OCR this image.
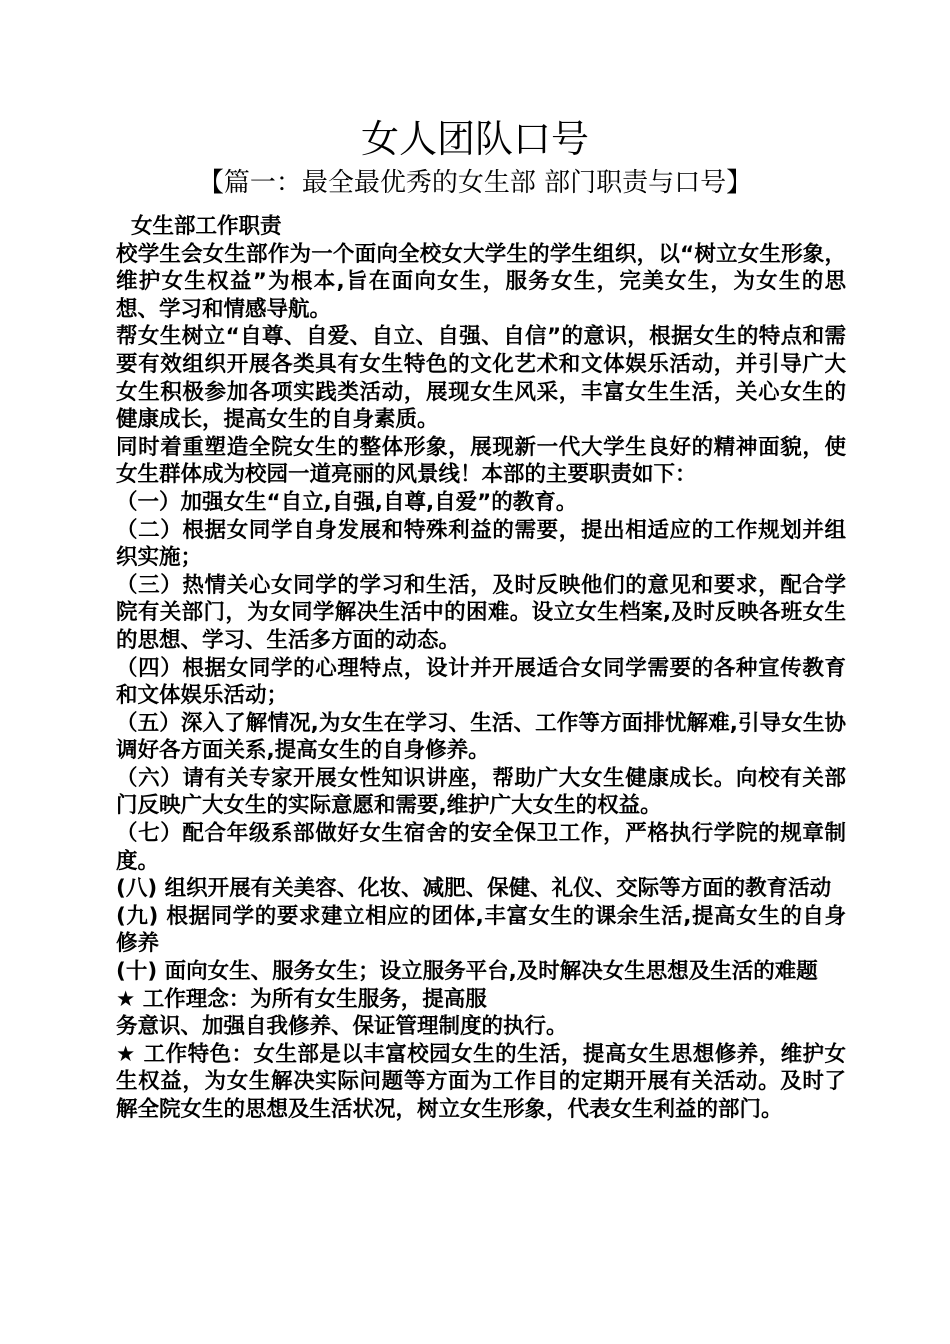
女人团队口号
【篇一：最全最优秀的女生部 部门职责与口号】

女生部工作职责

校学生会女生部作为一个面向全校女大学生的学生组织，以“树立女生形象，维护女生权益”为根本,旨在面向女生，服务女生，完美女生，为女生的思想、学习和情感导航。

帮女生树立“自尊、自爱、自立、自强、自信”的意识，根据女生的特点和需要有效组织开展各类具有女生特色的文化艺术和文体娱乐活动，并引导广大女生积极参加各项实践类活动，展现女生风采，丰富女生生活，关心女生的健康成长，提高女生的自身素质。

同时着重塑造全院女生的整体形象，展现新一代大学生良好的精神面貌，使女生群体成为校园一道亮丽的风景线！本部的主要职责如下：

（一）加强女生“自立,自强,自尊,自爱”的教育。

（二）根据女同学自身发展和特殊利益的需要，提出相适应的工作规划并组织实施；

（三）热情关心女同学的学习和生活，及时反映他们的意见和要求，配合学院有关部门，为女同学解决生活中的困难。设立女生档案,及时反映各班女生的思想、学习、生活多方面的动态。

（四）根据女同学的心理特点，设计并开展适合女同学需要的各种宣传教育和文体娱乐活动；

（五）深入了解情况,为女生在学习、生活、工作等方面排忧解难,引导女生协调好各方面关系,提高女生的自身修养。

（六）请有关专家开展女性知识讲座，帮助广大女生健康成长。向校有关部门反映广大女生的实际意愿和需要,维护广大女生的权益。

（七）配合年级系部做好女生宿舍的安全保卫工作，严格执行学院的规章制度。

(八) 组织开展有关美容、化妆、减肥、保健、礼仪、交际等方面的教育活动

(九) 根据同学的要求建立相应的团体,丰富女生的课余生活,提高女生的自身修养

(十) 面向女生、服务女生；设立服务平台,及时解决女生思想及生活的难题

★ 工作理念：为所有女生服务，提高服

务意识、加强自我修养、保证管理制度的执行。

★ 工作特色：女生部是以丰富校园女生的生活，提高女生思想修养，维护女生权益，为女生解决实际问题等方面为工作目的定期开展有关活动。及时了解全院女生的思想及生活状况，树立女生形象，代表女生利益的部门。
